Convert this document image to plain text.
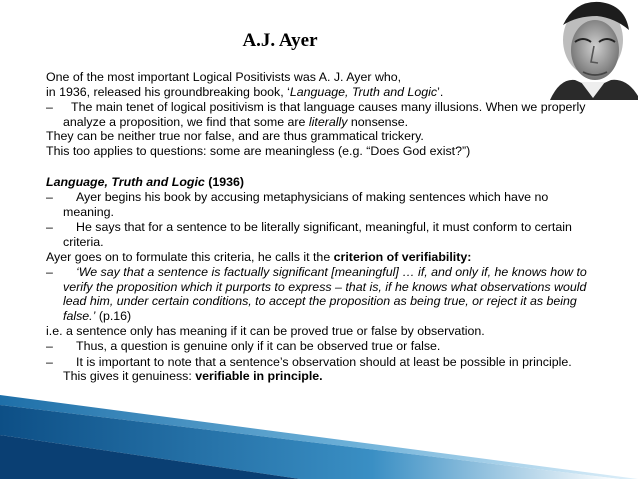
A.J. Ayer

One of the most important Logical Positivists was A. J. Ayer who,

in 1936, released his groundbreaking book, ‘Language, Truth and Logic’.

– The main tenet of logical positivism is that language causes many illusions. When we properly analyze a proposition, we find that some are literally nonsense.

They can be neither true nor false, and are thus grammatical trickery.

This too applies to questions: some are meaningless (e.g. “Does God exist?”)

Language, Truth and Logic (1936)

– Ayer begins his book by accusing metaphysicians of making sentences which have no meaning.
– He says that for a sentence to be literally significant, meaningful, it must conform to certain criteria.

Ayer goes on to formulate this criteria, he calls it the criterion of verifiability:

– ‘We say that a sentence is factually significant [meaningful] … if, and only if, he knows how to verify the proposition which it purports to express – that is, if he knows what observations would lead him, under certain conditions, to accept the proposition as being true, or reject it as being false.’ (p.16)

i.e. a sentence only has meaning if it can be proved true or false by observation.

– Thus, a question is genuine only if it can be observed true or false.
– It is important to note that a sentence’s observation should at least be possible in principle. This gives it genuiness: verifiable in principle.
